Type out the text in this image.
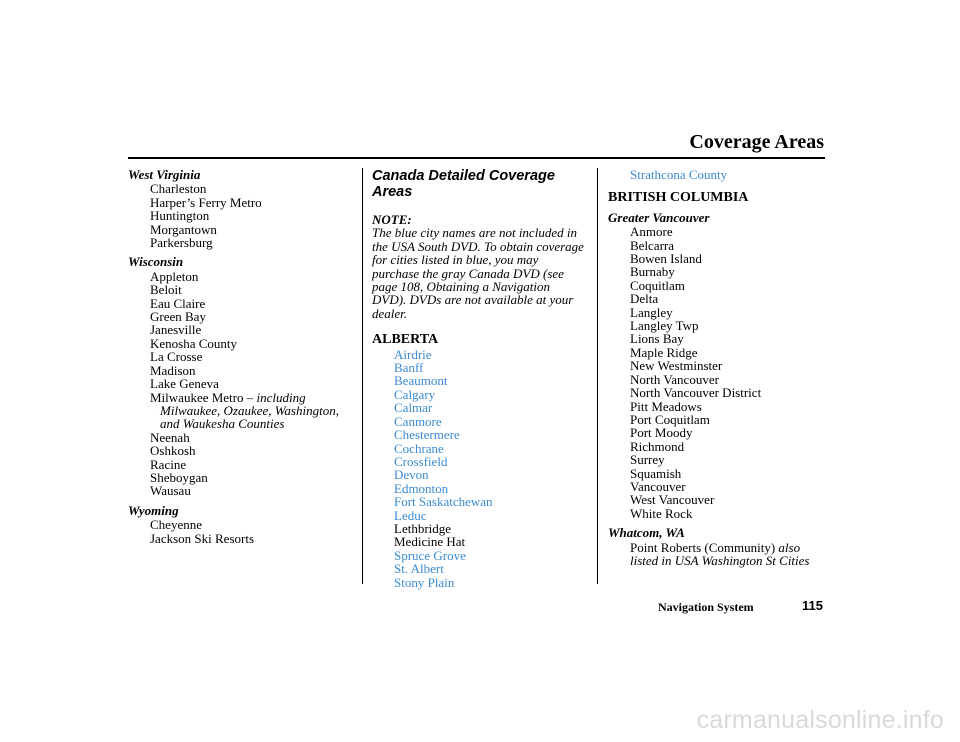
Coverage Areas
West Virginia
Charleston
Harper’s Ferry Metro
Huntington
Morgantown
Parkersburg
Wisconsin
Appleton
Beloit
Eau Claire
Green Bay
Janesville
Kenosha County
La Crosse
Madison
Lake Geneva
Milwaukee Metro – including Milwaukee, Ozaukee, Washington, and Waukesha Counties
Neenah
Oshkosh
Racine
Sheboygan
Wausau
Wyoming
Cheyenne
Jackson Ski Resorts
Canada Detailed Coverage Areas
NOTE:
The blue city names are not included in the USA South DVD. To obtain coverage for cities listed in blue, you may purchase the gray Canada DVD (see page 108, Obtaining a Navigation DVD). DVDs are not available at your dealer.
ALBERTA
Airdrie
Banff
Beaumont
Calgary
Calmar
Canmore
Chestermere
Cochrane
Crossfield
Devon
Edmonton
Fort Saskatchewan
Leduc
Lethbridge
Medicine Hat
Spruce Grove
St. Albert
Stony Plain
Strathcona County
BRITISH COLUMBIA
Greater Vancouver
Anmore
Belcarra
Bowen Island
Burnaby
Coquitlam
Delta
Langley
Langley Twp
Lions Bay
Maple Ridge
New Westminster
North Vancouver
North Vancouver District
Pitt Meadows
Port Coquitlam
Port Moody
Richmond
Surrey
Squamish
Vancouver
West Vancouver
White Rock
Whatcom, WA
Point Roberts (Community) also listed in USA Washington St Cities
Navigation System	115
carmanualsonline.info
